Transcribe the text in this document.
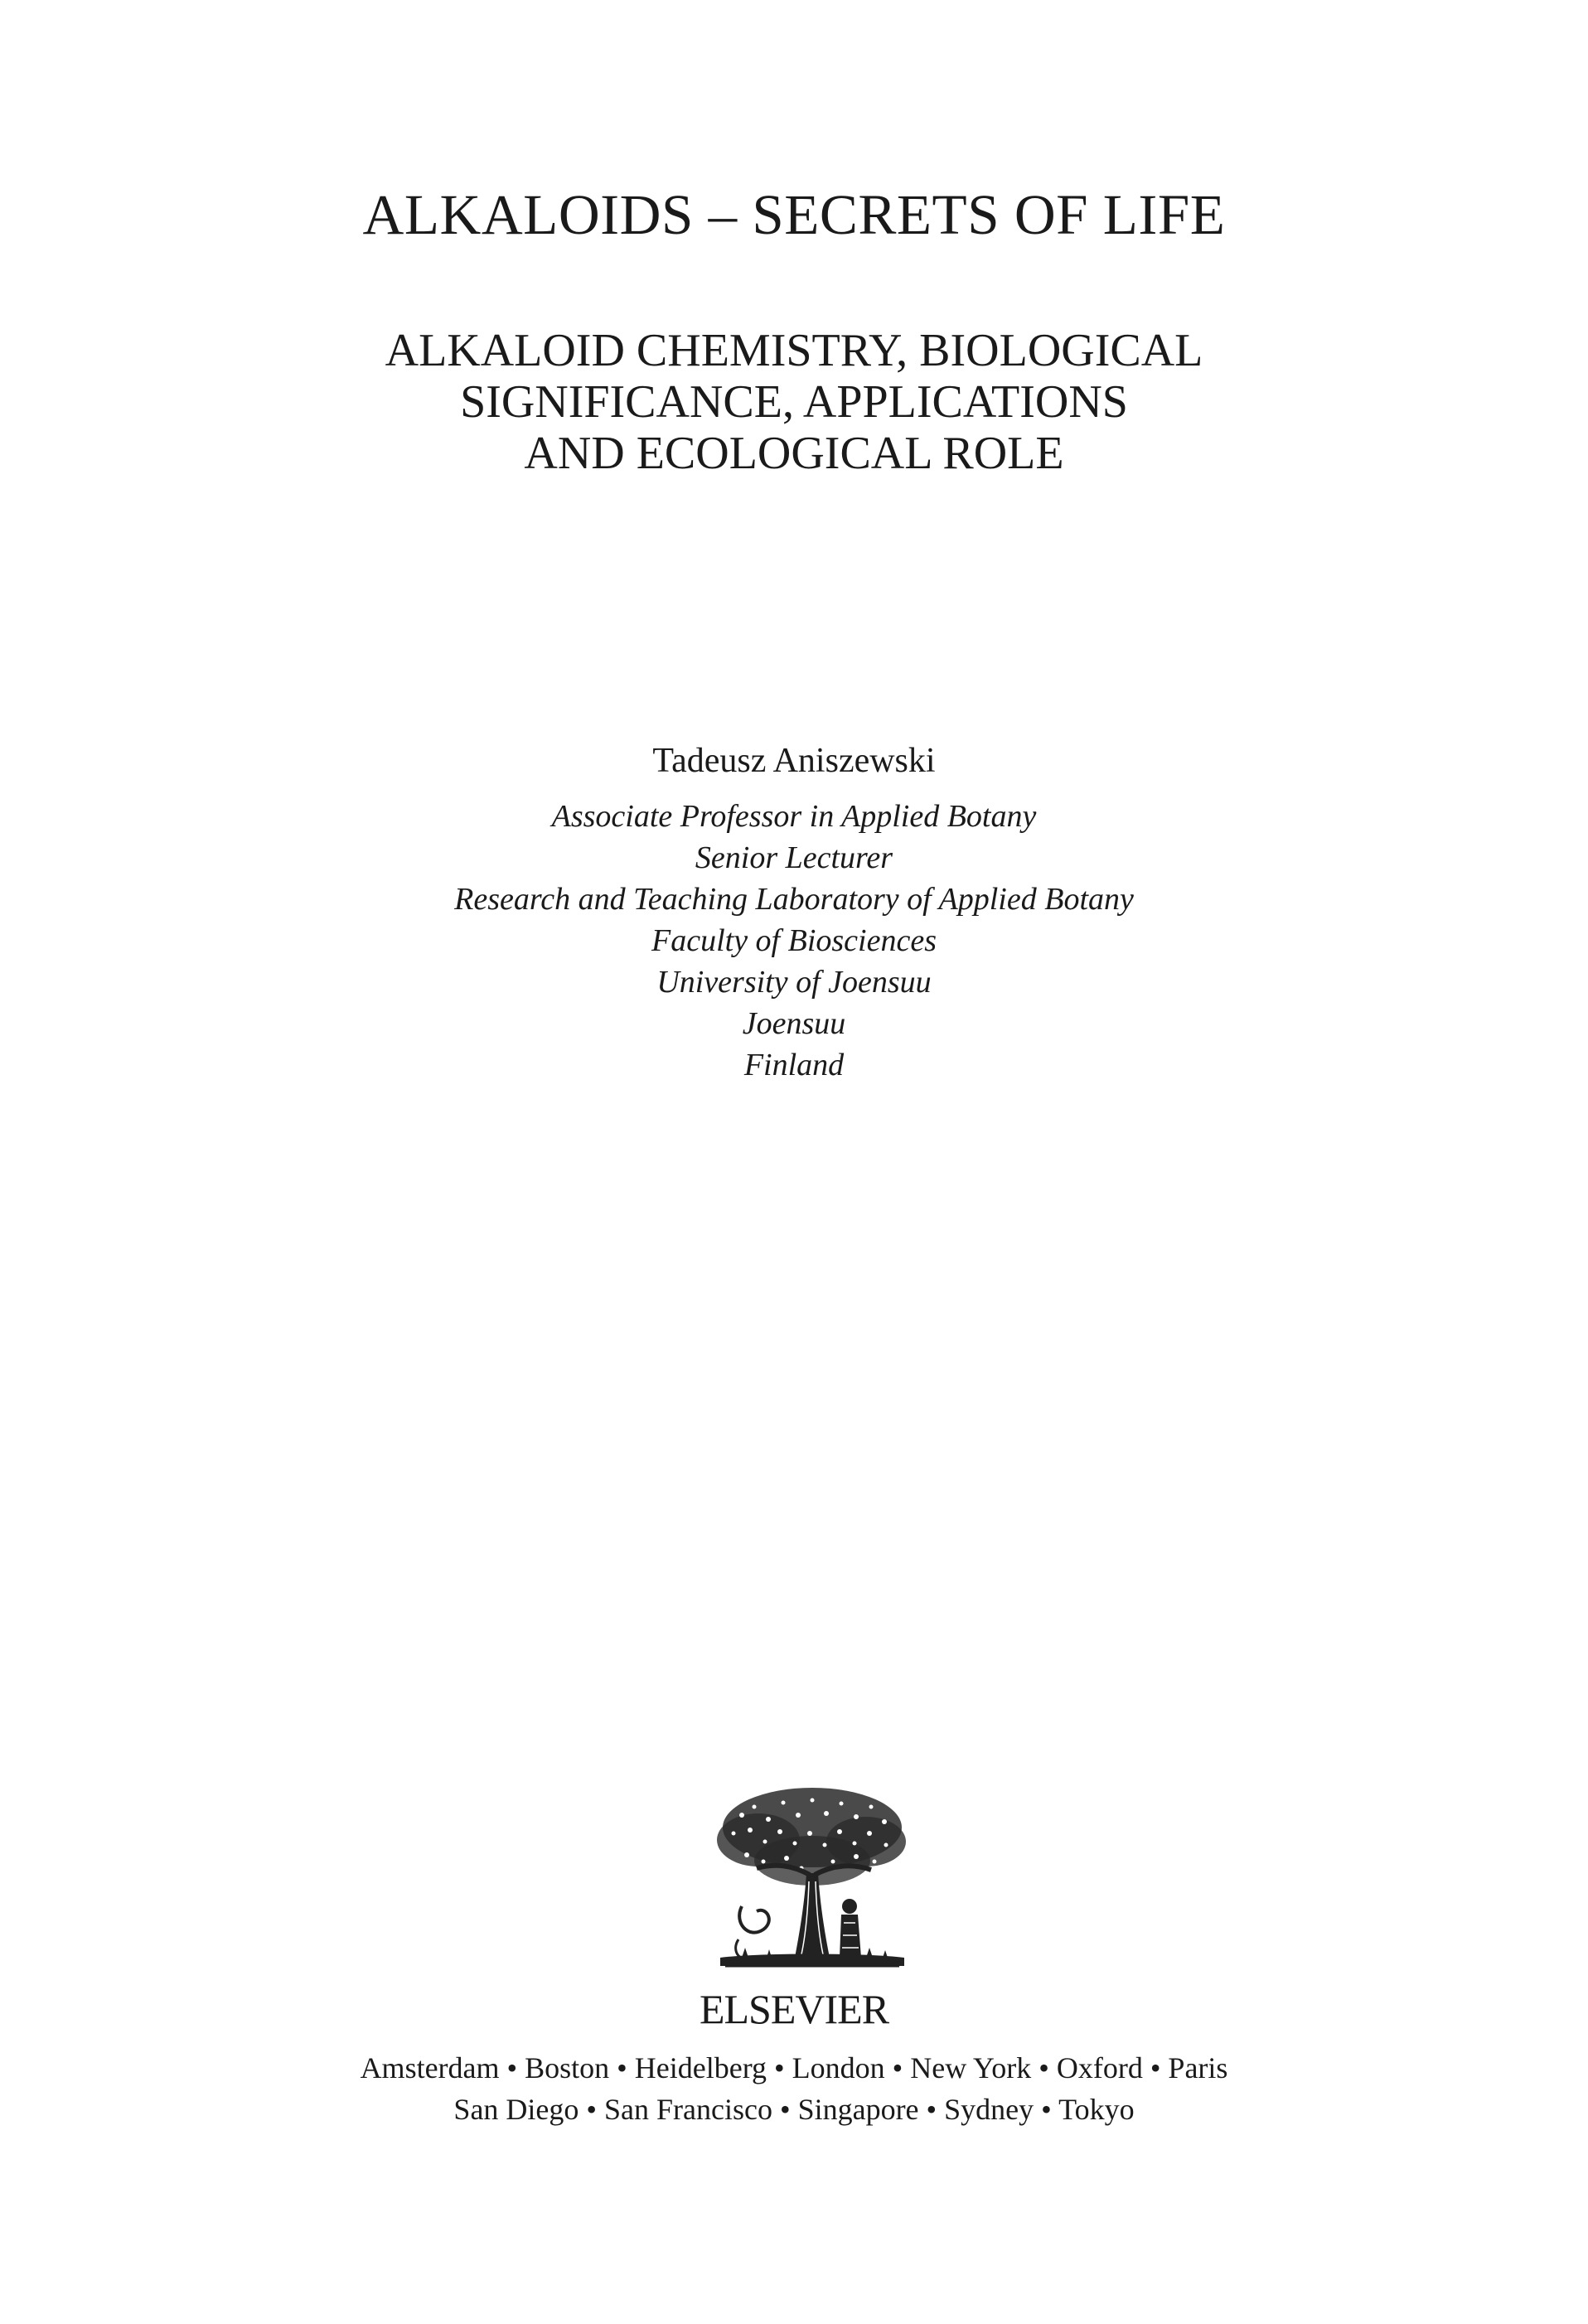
ALKALOIDS – SECRETS OF LIFE
ALKALOID CHEMISTRY, BIOLOGICAL
SIGNIFICANCE, APPLICATIONS
AND ECOLOGICAL ROLE
Tadeusz Aniszewski
Associate Professor in Applied Botany
Senior Lecturer
Research and Teaching Laboratory of Applied Botany
Faculty of Biosciences
University of Joensuu
Joensuu
Finland
ELSEVIER
Amsterdam • Boston • Heidelberg • London • New York • Oxford • Paris
San Diego • San Francisco • Singapore • Sydney • Tokyo
